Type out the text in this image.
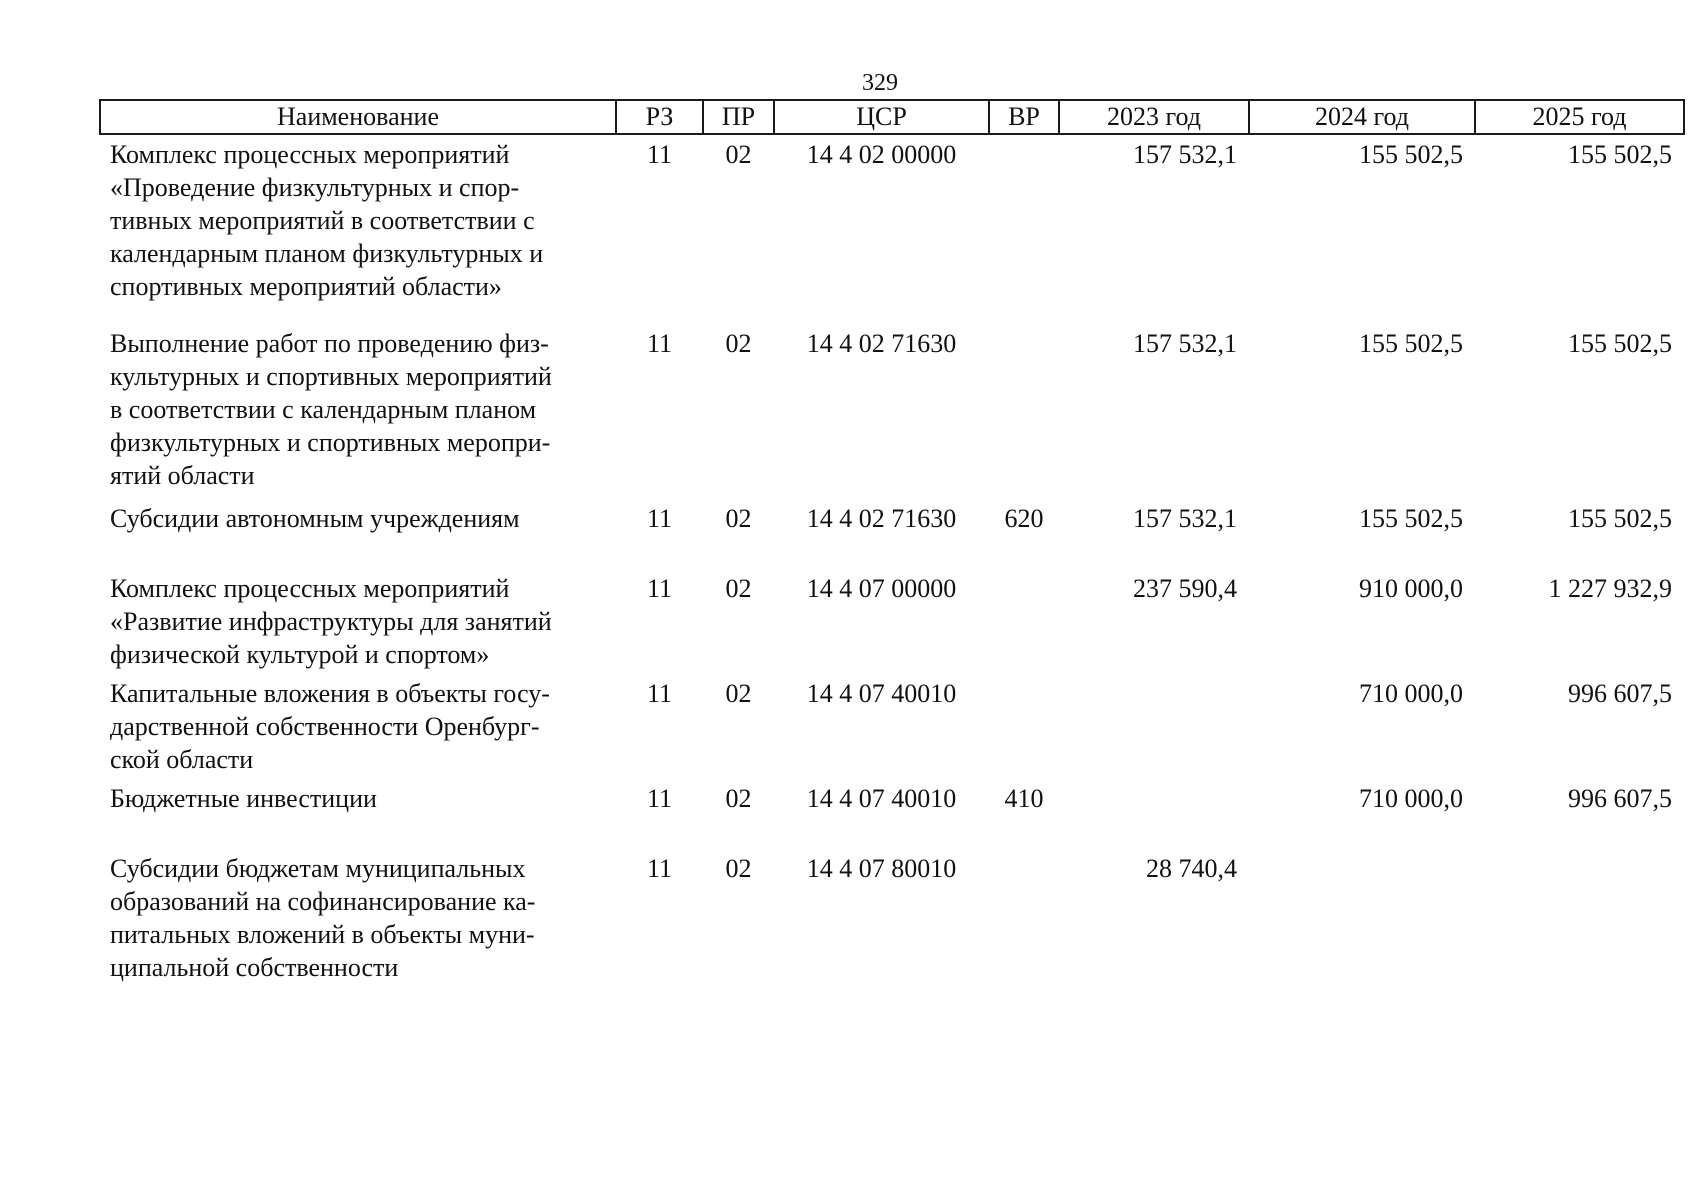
329
Наименование	РЗ	ПР	ЦСР	ВР	2023 год	2024 год	2025 год

Комплекс процессных мероприятий
«Проведение физкультурных и спор-
тивных мероприятий в соответствии с
календарным планом физкультурных и
спортивных мероприятий области»	11	02	14 4 02 00000		157 532,1	155 502,5	155 502,5

Выполнение работ по проведению физ-
культурных и спортивных мероприятий
в соответствии с календарным планом
физкультурных и спортивных меропри-
ятий области	11	02	14 4 02 71630		157 532,1	155 502,5	155 502,5

Субсидии автономным учреждениям	11	02	14 4 02 71630	620	157 532,1	155 502,5	155 502,5

Комплекс процессных мероприятий
«Развитие инфраструктуры для занятий
физической культурой и спортом»	11	02	14 4 07 00000		237 590,4	910 000,0	1 227 932,9

Капитальные вложения в объекты госу-
дарственной собственности Оренбург-
ской области	11	02	14 4 07 40010			710 000,0	996 607,5

Бюджетные инвестиции	11	02	14 4 07 40010	410		710 000,0	996 607,5

Субсидии бюджетам муниципальных
образований на софинансирование ка-
питальных вложений в объекты муни-
ципальной собственности	11	02	14 4 07 80010		28 740,4		
